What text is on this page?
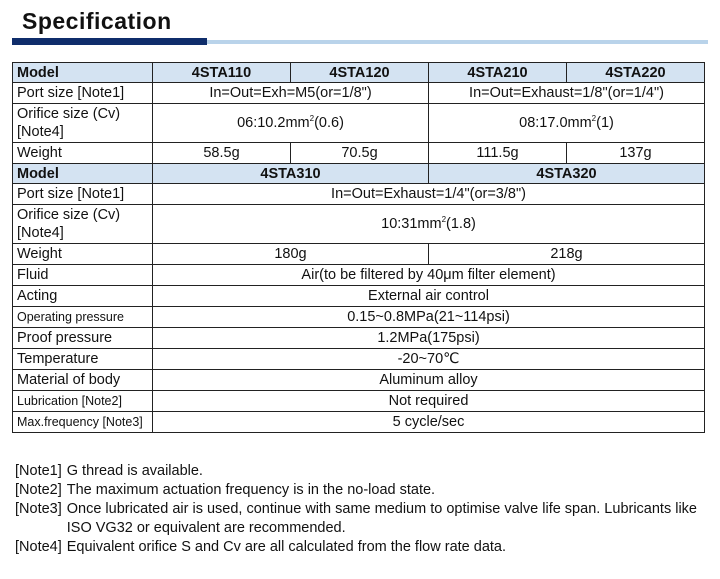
Specification
Model	4STA110	4STA120	4STA210	4STA220
Port size [Note1]	In=Out=Exh=M5(or=1/8")		In=Out=Exhaust=1/8"(or=1/4")	
Orifice size (Cv)
[Note4]	$06:10.2mm^2(0.6)$		$08:17.0mm^2(1)$	
Weight	58.5g	70.5g	111.5g	137g
Model	4STA310		4STA320	
Port size [Note1]	In=Out=Exhaust=1/4"(or=3/8")			
Orifice size (Cv)
[Note4]	$10:31mm^2(1.8)$			
Weight	180g		218g	
Fluid	Air(to be filtered by 40μm filter element)			
Acting	External air control			
Operating pressure	0.15~0.8MPa(21~114psi)			
Proof pressure	1.2MPa(175psi)			
Temperature	-20~70℃			
Material of body	Aluminum alloy			
Lubrication [Note2]	Not required			
Max.frequency [Note3]	5 cycle/sec			
[Note1] G thread is available.
[Note2] The maximum actuation frequency is in the no-load state.
[Note3] Once lubricated air is used, continue with same medium to optimise valve life span. Lubricants like ISO VG32 or equivalent are recommended.
[Note4] Equivalent orifice S and Cv are all calculated from the flow rate data.
